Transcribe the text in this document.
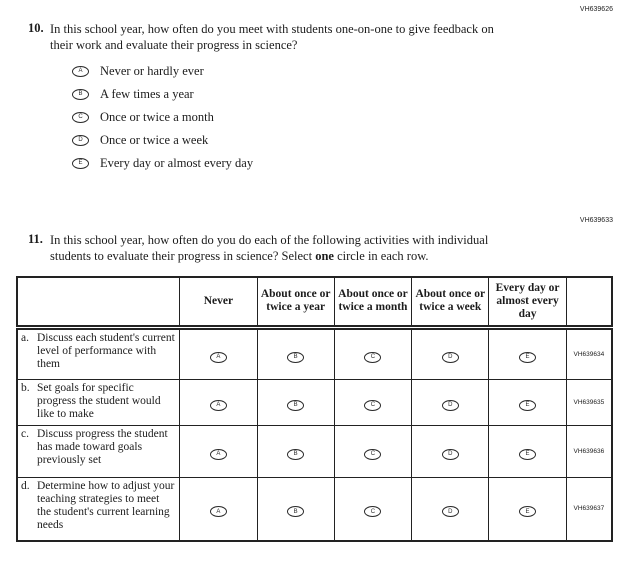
VH639626
10. In this school year, how often do you meet with students one-on-one to give feedback on their work and evaluate their progress in science?
A	Never or hardly ever
B	A few times a year
C	Once or twice a month
D	Once or twice a week
E	Every day or almost every day
VH639633
11. In this school year, how often do you do each of the following activities with individual students to evaluate their progress in science? Select one circle in each row.
	Never	About once or twice a year	About once or twice a month	About once or twice a week	Every day or almost every day	

a. Discuss each student's current level of performance with them	A	B	C	D	E	VH639634

b. Set goals for specific progress the student would like to make	A	B	C	D	E	VH639635

c. Discuss progress the student has made toward goals previously set	A	B	C	D	E	VH639636

d. Determine how to adjust your teaching strategies to meet the student's current learning needs	A	B	C	D	E	VH639637
